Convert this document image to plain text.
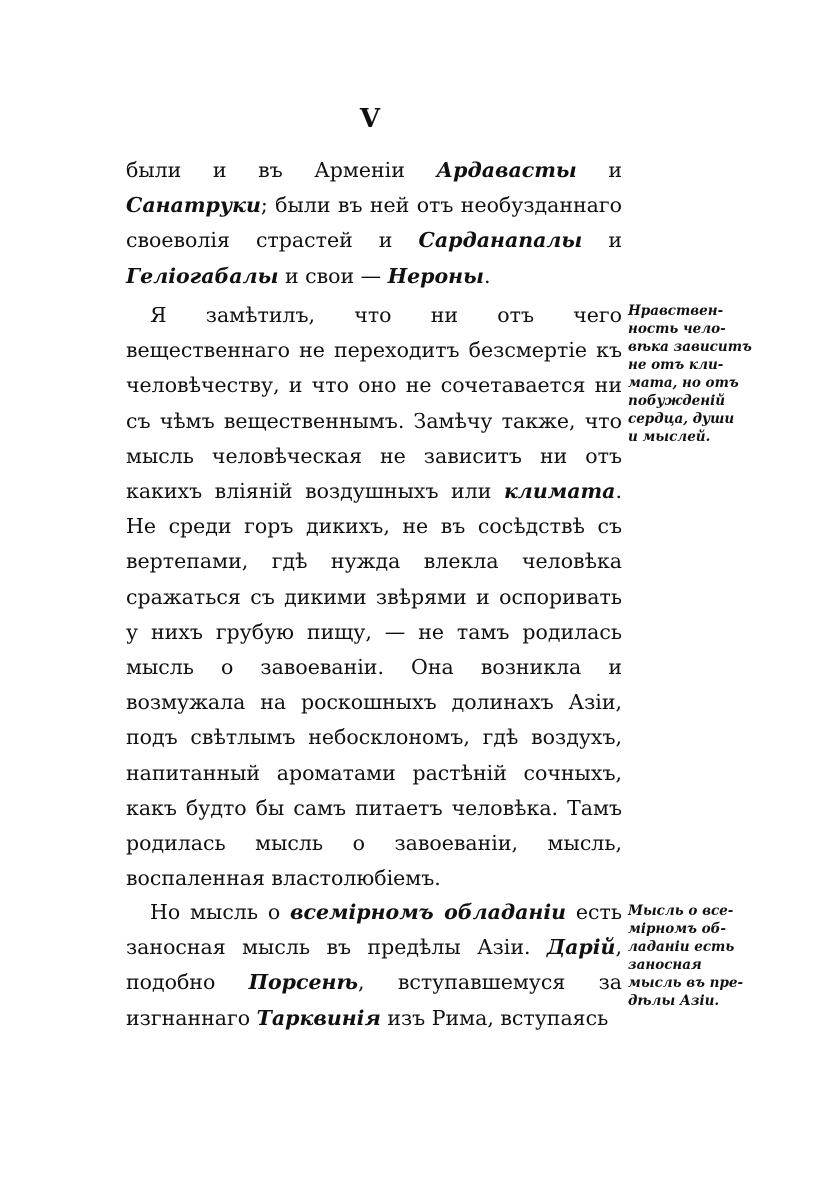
V

были и въ Арменіи Ардавасты и Санатруки; были въ ней отъ необузданнаго своеволія страстей и Сарданапалы и Геліогабалы и свои — Нероны.

Я замѣтилъ, что ни отъ чего вещественнаго не переходитъ безсмертіе къ человѣчеству, и что оно не сочетавается ни съ чѣмъ вещественнымъ. Замѣчу также, что мысль человѣческая не зависитъ ни отъ какихъ вліяній воздушныхъ или климата. Не среди горъ дикихъ, не въ сосѣдствѣ съ вертепами, гдѣ нужда влекла человѣка сражаться съ дикими звѣрями и оспоривать у нихъ грубую пищу, — не тамъ родилась мысль о завоеваніи. Она возникла и возмужала на роскошныхъ долинахъ Азіи, подъ свѣтлымъ небосклономъ, гдѣ воздухъ, напитанный ароматами растѣній сочныхъ, какъ будто бы самъ питаетъ человѣка. Тамъ родилась мысль о завоеваніи, мысль, воспаленная властолюбіемъ.

Но мысль о всемірномъ обладаніи есть заносная мысль въ предѣлы Азіи. Дарій, подобно Порсенѣ, вступавшемуся за изгнаннаго Тарквинія изъ Рима, вступаясь

Нравствен-
ность чело-
вѣка зависитъ
не отъ кли-
мата, но отъ
побужденій
сердца, души
и мыслей.
Мысль о все-
мірномъ об-
ладаніи есть
заносная
мысль въ пре-
дѣлы Азіи.
